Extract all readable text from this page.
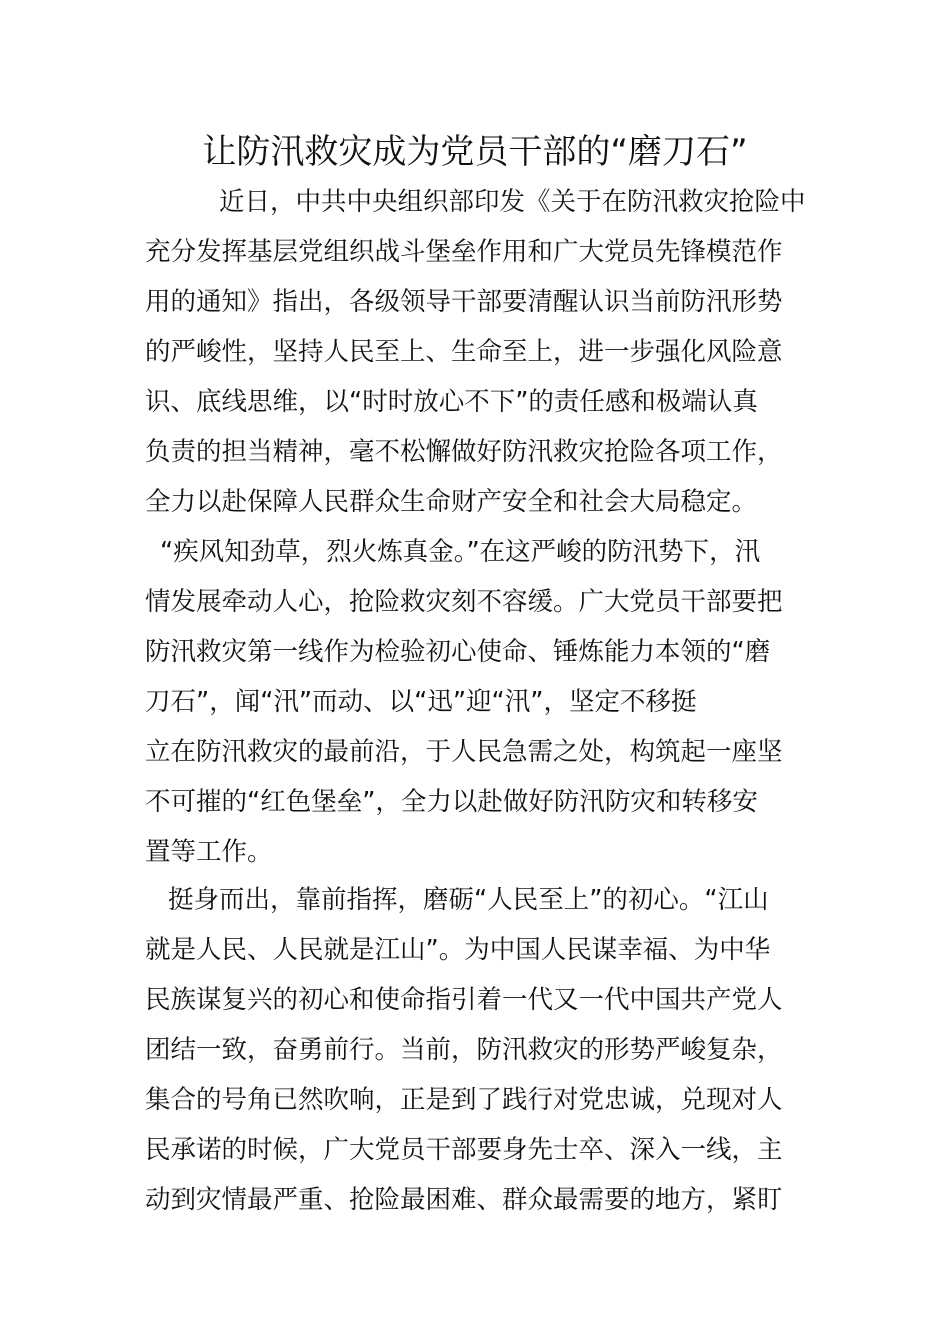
让防汛救灾成为党员干部的“磨刀石”
近日，中共中央组织部印发《关于在防汛救灾抢险中
充分发挥基层党组织战斗堡垒作用和广大党员先锋模范作
用的通知》指出，各级领导干部要清醒认识当前防汛形势
的严峻性，坚持人民至上、生命至上，进一步强化风险意
识、底线思维，以“时时放心不下”的责任感和极端认真
负责的担当精神，毫不松懈做好防汛救灾抢险各项工作，
全力以赴保障人民群众生命财产安全和社会大局稳定。
“疾风知劲草，烈火炼真金。”在这严峻的防汛势下，汛
情发展牵动人心，抢险救灾刻不容缓。广大党员干部要把
防汛救灾第一线作为检验初心使命、锤炼能力本领的“磨
刀石”，闻“汛”而动、以“迅”迎“汛”，坚定不移挺
立在防汛救灾的最前沿，于人民急需之处，构筑起一座坚
不可摧的“红色堡垒”，全力以赴做好防汛防灾和转移安
置等工作。
挺身而出，靠前指挥，磨砺“人民至上”的初心。“江山
就是人民、人民就是江山”。为中国人民谋幸福、为中华
民族谋复兴的初心和使命指引着一代又一代中国共产党人
团结一致，奋勇前行。当前，防汛救灾的形势严峻复杂，
集合的号角已然吹响，正是到了践行对党忠诚，兑现对人
民承诺的时候，广大党员干部要身先士卒、深入一线，主
动到灾情最严重、抢险最困难、群众最需要的地方，紧盯
